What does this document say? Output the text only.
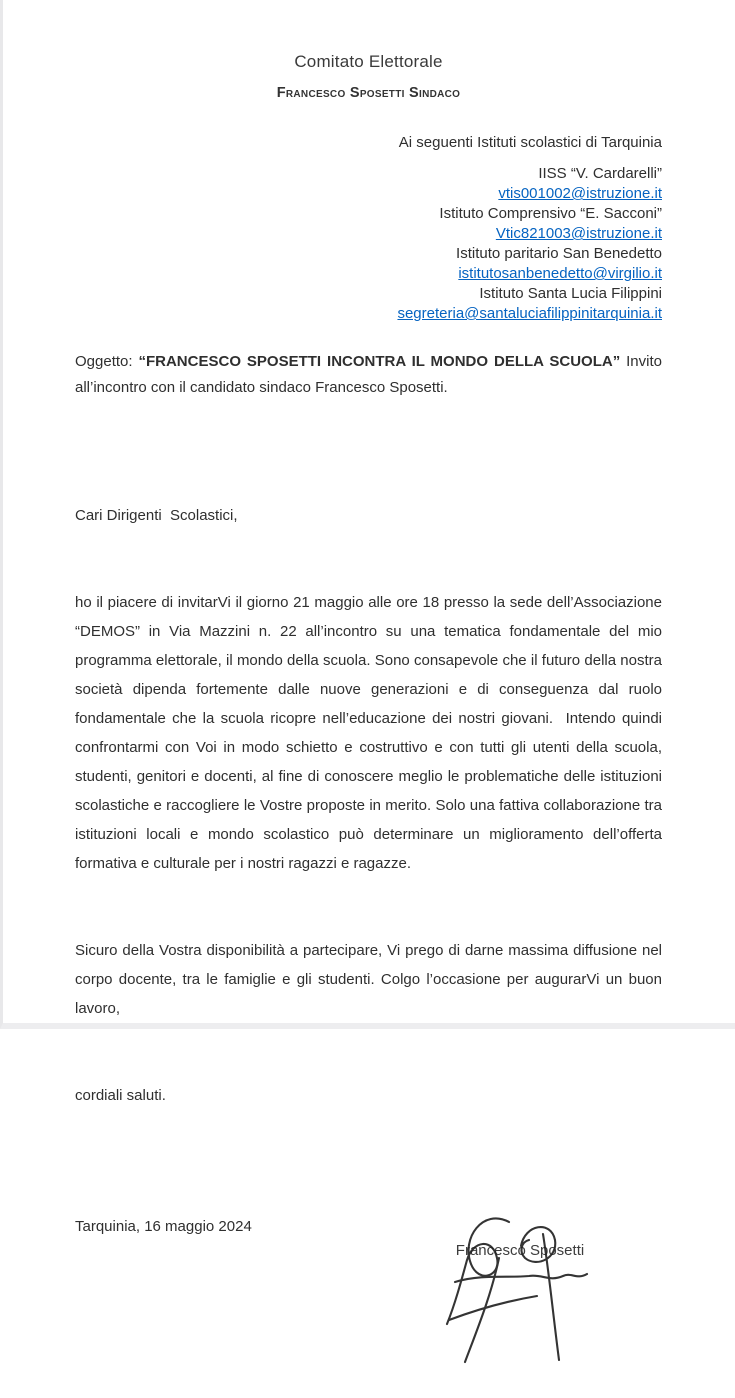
Comitato Elettorale
Francesco Sposetti Sindaco
Ai seguenti Istituti scolastici di Tarquinia
IISS “V. Cardarelli”
vtis001002@istruzione.it
Istituto Comprensivo “E. Sacconi”
Vtic821003@istruzione.it
Istituto paritario San Benedetto
istitutosanbenedetto@virgilio.it
Istituto Santa Lucia Filippini
segreteria@santaluciafilippinitarquinia.it
Oggetto: “FRANCESCO SPOSETTI INCONTRA IL MONDO DELLA SCUOLA” Invito all’incontro con il candidato sindaco Francesco Sposetti.

Cari Dirigenti  Scolastici,

ho il piacere di invitarVi il giorno 21 maggio alle ore 18 presso la sede dell’Associazione “DEMOS” in Via Mazzini n. 22 all’incontro su una tematica fondamentale del mio programma elettorale, il mondo della scuola. Sono consapevole che il futuro della nostra società dipenda fortemente dalle nuove generazioni e di conseguenza dal ruolo fondamentale che la scuola ricopre nell’educazione dei nostri giovani.  Intendo quindi confrontarmi con Voi in modo schietto e costruttivo e con tutti gli utenti della scuola, studenti, genitori e docenti, al fine di conoscere meglio le problematiche delle istituzioni scolastiche e raccogliere le Vostre proposte in merito. Solo una fattiva collaborazione tra istituzioni locali e mondo scolastico può determinare un miglioramento dell’offerta formativa e culturale per i nostri ragazzi e ragazze.

Sicuro della Vostra disponibilità a partecipare, Vi prego di darne massima diffusione nel corpo docente, tra le famiglie e gli studenti. Colgo l’occasione per augurarVi un buon lavoro,

cordiali saluti.

Tarquinia, 16 maggio 2024
Francesco Sposetti
